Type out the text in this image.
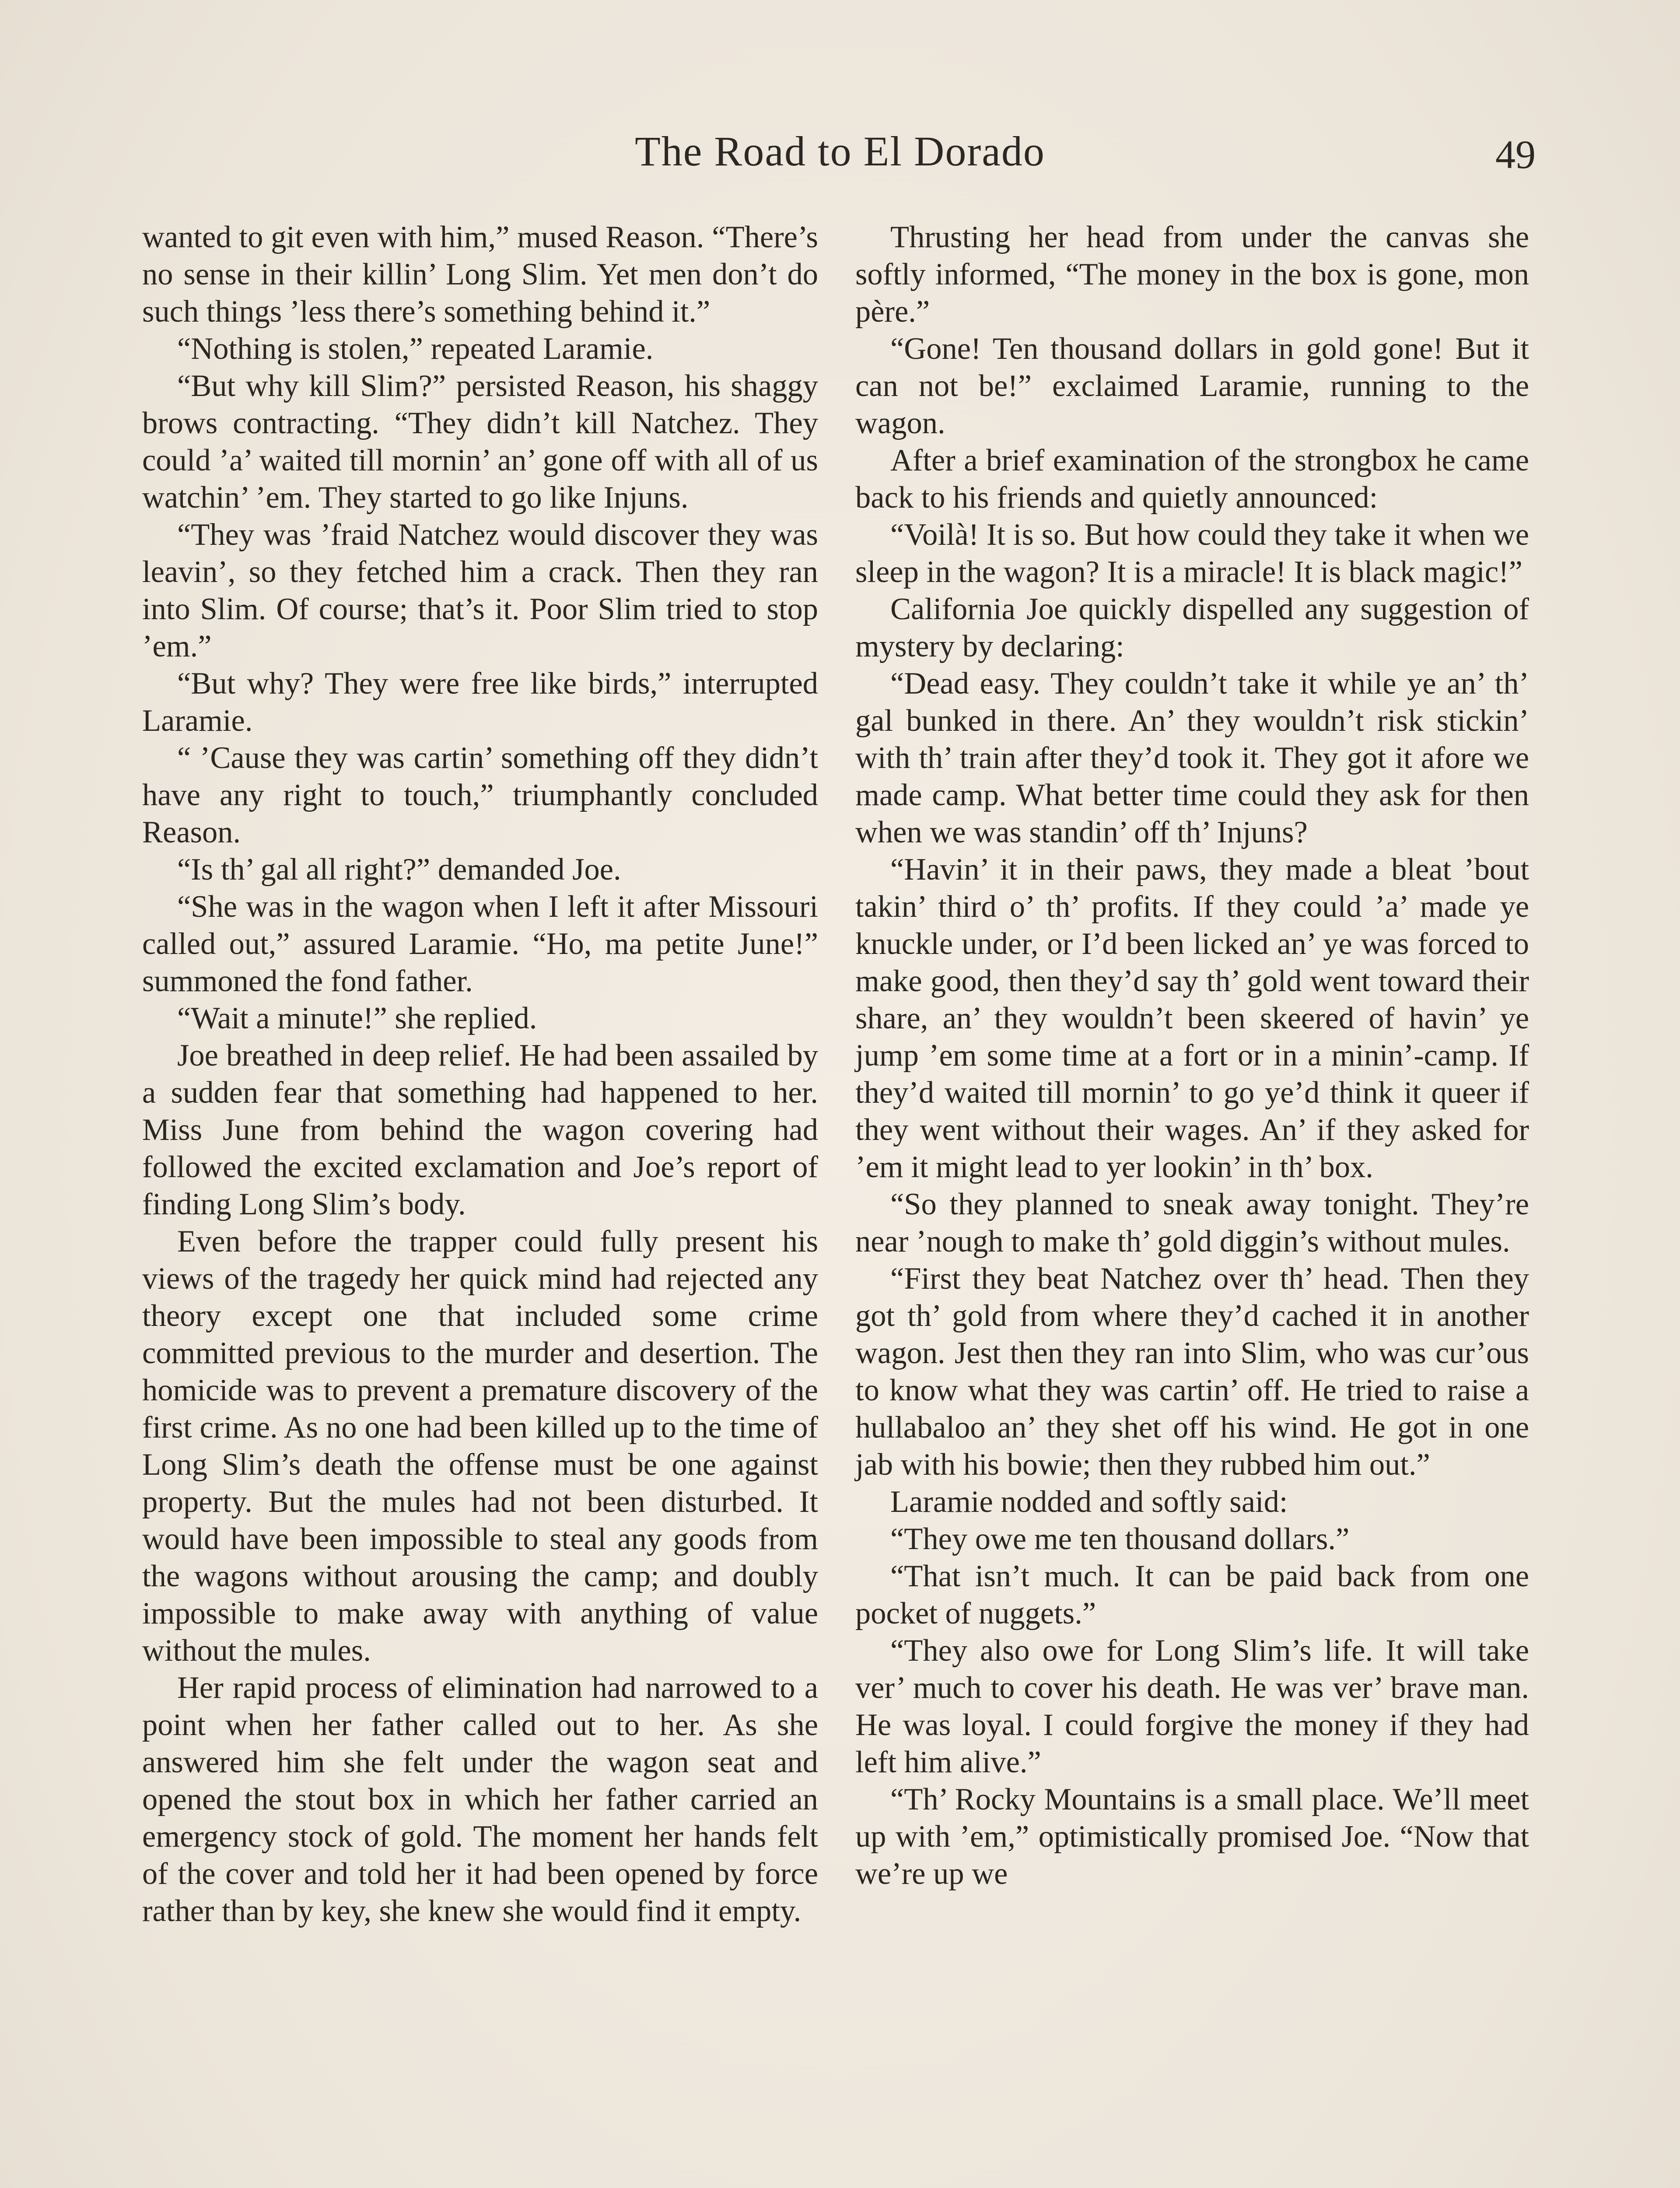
The Road to El Dorado	49

wanted to git even with him,” mused Reason. “There’s no sense in their killin’ Long Slim. Yet men don’t do such things ’less there’s something behind it.”

“Nothing is stolen,” repeated Laramie.

“But why kill Slim?” persisted Reason, his shaggy brows contracting. “They didn’t kill Natchez. They could ’a’ waited till mornin’ an’ gone off with all of us watchin’ ’em. They started to go like Injuns.

“They was ’fraid Natchez would discover they was leavin’, so they fetched him a crack. Then they ran into Slim. Of course; that’s it. Poor Slim tried to stop ’em.”

“But why? They were free like birds,” interrupted Laramie.

“ ’Cause they was cartin’ something off they didn’t have any right to touch,” triumphantly concluded Reason.

“Is th’ gal all right?” demanded Joe.

“She was in the wagon when I left it after Missouri called out,” assured Laramie. “Ho, ma petite June!” summoned the fond father.

“Wait a minute!” she replied.

Joe breathed in deep relief. He had been assailed by a sudden fear that something had happened to her. Miss June from behind the wagon covering had followed the excited exclamation and Joe’s report of finding Long Slim’s body.

Even before the trapper could fully present his views of the tragedy her quick mind had rejected any theory except one that included some crime committed previous to the murder and desertion. The homicide was to prevent a premature discovery of the first crime. As no one had been killed up to the time of Long Slim’s death the offense must be one against property. But the mules had not been disturbed. It would have been impossible to steal any goods from the wagons without arousing the camp; and doubly impossible to make away with anything of value without the mules.

Her rapid process of elimination had narrowed to a point when her father called out to her. As she answered him she felt under the wagon seat and opened the stout box in which her father carried an emergency stock of gold. The moment her hands felt of the cover and told her it had been opened by force rather than by key, she knew she would find it empty.

Thrusting her head from under the canvas she softly informed, “The money in the box is gone, mon père.”

“Gone! Ten thousand dollars in gold gone! But it can not be!” exclaimed Laramie, running to the wagon.

After a brief examination of the strongbox he came back to his friends and quietly announced:

“Voilà! It is so. But how could they take it when we sleep in the wagon? It is a miracle! It is black magic!”

California Joe quickly dispelled any suggestion of mystery by declaring:

“Dead easy. They couldn’t take it while ye an’ th’ gal bunked in there. An’ they wouldn’t risk stickin’ with th’ train after they’d took it. They got it afore we made camp. What better time could they ask for then when we was standin’ off th’ Injuns?

“Havin’ it in their paws, they made a bleat ’bout takin’ third o’ th’ profits. If they could ’a’ made ye knuckle under, or I’d been licked an’ ye was forced to make good, then they’d say th’ gold went toward their share, an’ they wouldn’t been skeered of havin’ ye jump ’em some time at a fort or in a minin’-camp. If they’d waited till mornin’ to go ye’d think it queer if they went without their wages. An’ if they asked for ’em it might lead to yer lookin’ in th’ box.

“So they planned to sneak away tonight. They’re near ’nough to make th’ gold diggin’s without mules.

“First they beat Natchez over th’ head. Then they got th’ gold from where they’d cached it in another wagon. Jest then they ran into Slim, who was cur’ous to know what they was cartin’ off. He tried to raise a hullabaloo an’ they shet off his wind. He got in one jab with his bowie; then they rubbed him out.”

Laramie nodded and softly said:

“They owe me ten thousand dollars.”

“That isn’t much. It can be paid back from one pocket of nuggets.”

“They also owe for Long Slim’s life. It will take ver’ much to cover his death. He was ver’ brave man. He was loyal. I could forgive the money if they had left him alive.”

“Th’ Rocky Mountains is a small place. We’ll meet up with ’em,” optimistically promised Joe. “Now that we’re up we
